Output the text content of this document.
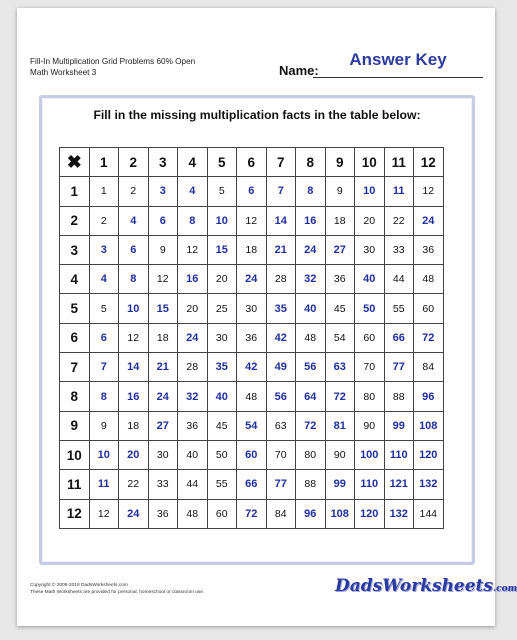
Fill-In Multiplication Grid Problems 60% Open
Math Worksheet 3	Name:
Answer Key
Fill in the missing multiplication facts in the table below:
✖	1	2	3	4	5	6	7	8	9	10	11	12
1	1	2	3	4	5	6	7	8	9	10	11	12
2	2	4	6	8	10	12	14	16	18	20	22	24
3	3	6	9	12	15	18	21	24	27	30	33	36
4	4	8	12	16	20	24	28	32	36	40	44	48
5	5	10	15	20	25	30	35	40	45	50	55	60
6	6	12	18	24	30	36	42	48	54	60	66	72
7	7	14	21	28	35	42	49	56	63	70	77	84
8	8	16	24	32	40	48	56	64	72	80	88	96
9	9	18	27	36	45	54	63	72	81	90	99	108
10	10	20	30	40	50	60	70	80	90	100	110	120
11	11	22	33	44	55	66	77	88	99	110	121	132
12	12	24	36	48	60	72	84	96	108	120	132	144
Copyright © 2008-2018 DadsWorksheets.com
These Math Worksheets are provided for personal, homeschool or classroom use.	DadsWorksheets.com
